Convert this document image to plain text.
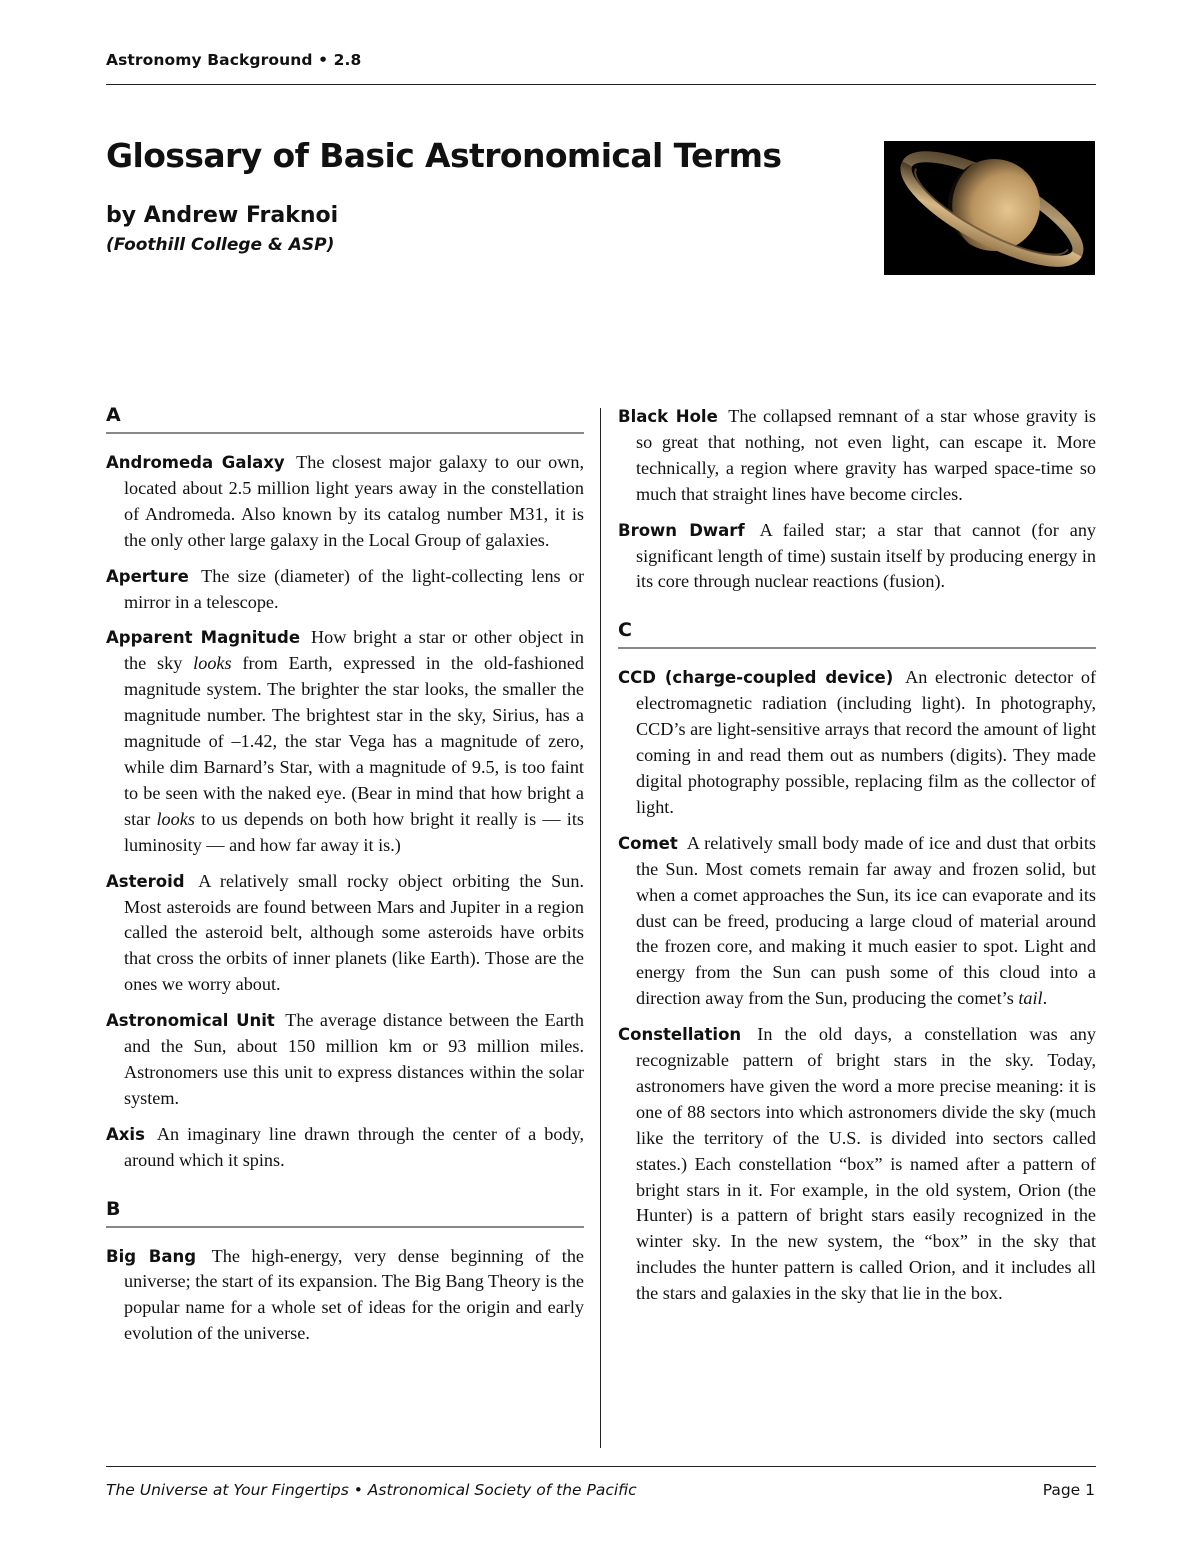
Astronomy Background • 2.8
Glossary of Basic Astronomical Terms
by Andrew Fraknoi
(Foothill College & ASP)
A

Andromeda Galaxy The closest major galaxy to our own, located about 2.5 million light years away in the constellation of Andromeda. Also known by its catalog number M31, it is the only other large galaxy in the Local Group of galaxies.

Aperture The size (diameter) of the light-collecting lens or mirror in a telescope.

Apparent Magnitude How bright a star or other object in the sky looks from Earth, expressed in the old-fashioned magnitude system. The brighter the star looks, the smaller the magnitude number. The brightest star in the sky, Sirius, has a magnitude of –1.42, the star Vega has a magnitude of zero, while dim Barnard’s Star, with a magnitude of 9.5, is too faint to be seen with the naked eye. (Bear in mind that how bright a star looks to us depends on both how bright it really is — its luminosity — and how far away it is.)

Asteroid A relatively small rocky object orbiting the Sun. Most asteroids are found between Mars and Jupiter in a region called the asteroid belt, although some asteroids have orbits that cross the orbits of inner planets (like Earth). Those are the ones we worry about.

Astronomical Unit The average distance between the Earth and the Sun, about 150 million km or 93 million miles. Astronomers use this unit to express distances within the solar system.

Axis An imaginary line drawn through the center of a body, around which it spins.

B

Big Bang The high-energy, very dense beginning of the universe; the start of its expansion. The Big Bang Theory is the popular name for a whole set of ideas for the origin and early evolution of the universe.

Black Hole The collapsed remnant of a star whose gravity is so great that nothing, not even light, can escape it. More technically, a region where gravity has warped space-time so much that straight lines have become circles.

Brown Dwarf A failed star; a star that cannot (for any significant length of time) sustain itself by producing energy in its core through nuclear reactions (fusion).

C

CCD (charge-coupled device) An electronic detector of electromagnetic radiation (including light). In photography, CCD’s are light-sensitive arrays that record the amount of light coming in and read them out as numbers (digits). They made digital photography possible, replacing film as the collector of light.

Comet A relatively small body made of ice and dust that orbits the Sun. Most comets remain far away and frozen solid, but when a comet approaches the Sun, its ice can evaporate and its dust can be freed, producing a large cloud of material around the frozen core, and making it much easier to spot. Light and energy from the Sun can push some of this cloud into a direction away from the Sun, producing the comet’s tail.

Constellation In the old days, a constellation was any recognizable pattern of bright stars in the sky. Today, astronomers have given the word a more precise meaning: it is one of 88 sectors into which astronomers divide the sky (much like the territory of the U.S. is divided into sectors called states.) Each constellation “box” is named after a pattern of bright stars in it. For example, in the old system, Orion (the Hunter) is a pattern of bright stars easily recognized in the winter sky. In the new system, the “box” in the sky that includes the hunter pattern is called Orion, and it includes all the stars and galaxies in the sky that lie in the box.

The Universe at Your Fingertips • Astronomical Society of the Pacific	Page 1
